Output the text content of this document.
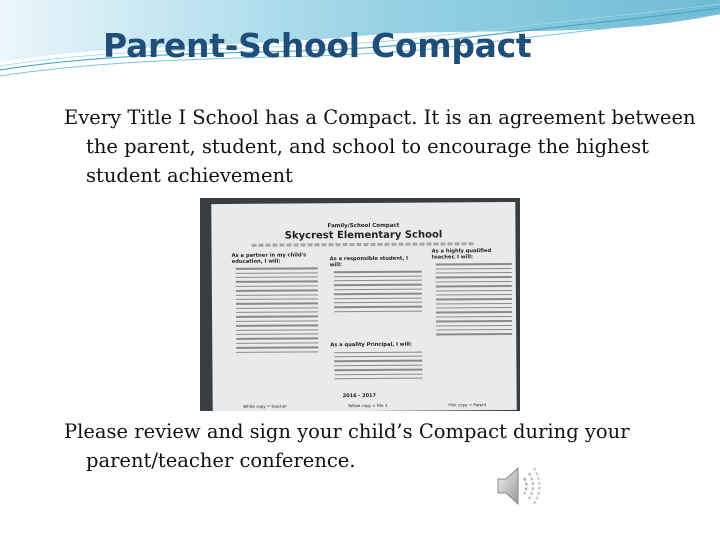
Parent-School Compact

Every Title I School has a Compact. It is an agreement between the parent, student, and school to encourage the highest student achievement

Family/School Compact
Skycrest Elementary School
As a partner in my child's education, I will:	As a responsible student, I will:
As a quality Principal, I will:
As a highly qualified teacher, I will:
2016 - 2017
White copy = teacher	Yellow copy = File 1	Pink copy = Parent

Please review and sign your child’s Compact during your parent/teacher conference.
